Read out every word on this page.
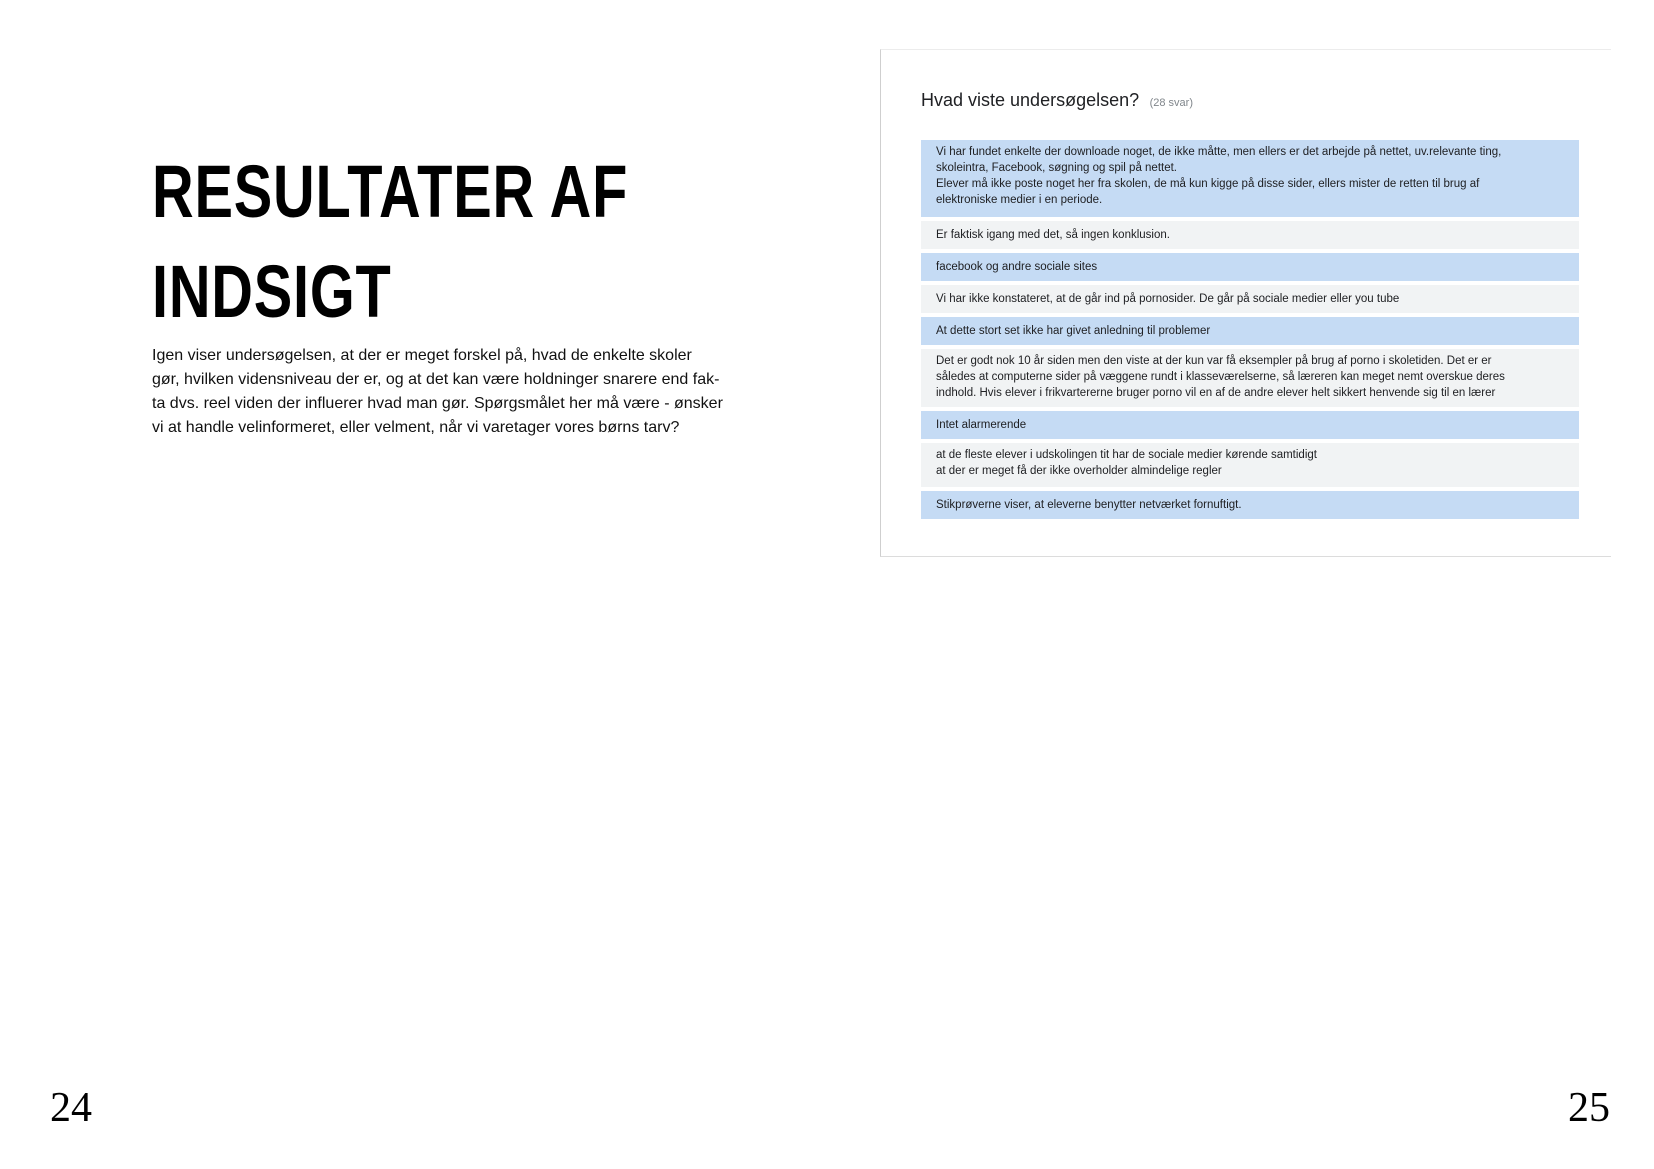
RESULTATER AF
INDSIGT

Igen viser undersøgelsen, at der er meget forskel på, hvad de enkelte skoler
gør, hvilken vidensniveau der er, og at det kan være holdninger snarere end fak-
ta dvs. reel viden der influerer hvad man gør. Spørgsmålet her må være - ønsker
vi at handle velinformeret, eller velment, når vi varetager vores børns tarv?

Hvad viste undersøgelsen? (28 svar)
Vi har fundet enkelte der downloade noget, de ikke måtte, men ellers er det arbejde på nettet, uv.relevante ting,
skoleintra, Facebook, søgning og spil på nettet.
Elever må ikke poste noget her fra skolen, de må kun kigge på disse sider, ellers mister de retten til brug af
elektroniske medier i en periode.
Er faktisk igang med det, så ingen konklusion.
facebook og andre sociale sites
Vi har ikke konstateret, at de går ind på pornosider. De går på sociale medier eller you tube
At dette stort set ikke har givet anledning til problemer
Det er godt nok 10 år siden men den viste at der kun var få eksempler på brug af porno i skoletiden. Det er er
således at computerne sider på væggene rundt i klasseværelserne, så læreren kan meget nemt overskue deres
indhold. Hvis elever i frikvartererne bruger porno vil en af de andre elever helt sikkert henvende sig til en lærer
Intet alarmerende
at de fleste elever i udskolingen tit har de sociale medier kørende samtidigt
at der er meget få der ikke overholder almindelige regler
Stikprøverne viser, at eleverne benytter netværket fornuftigt.
24	25
